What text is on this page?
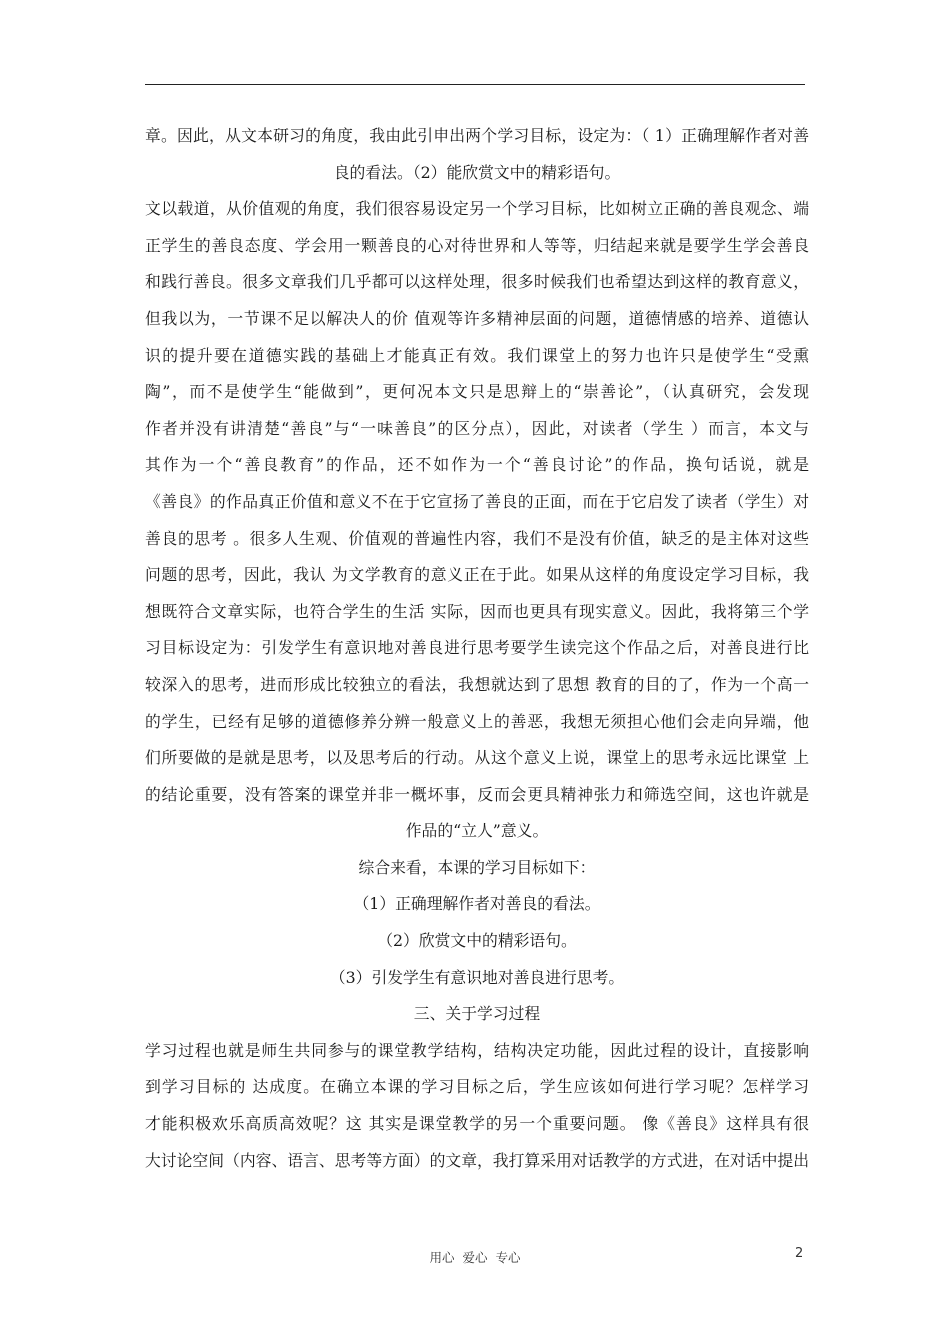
章。因此，从文本研习的角度，我由此引申出两个学习目标，设定为：（ 1）正确理解作者对善
良的看法。（2）能欣赏文中的精彩语句。
文以载道，从价值观的角度，我们很容易设定另一个学习目标，比如树立正确的善良观念、端
正学生的善良态度、学会用一颗善良的心对待世界和人等等，归结起来就是要学生学会善良
和践行善良。很多文章我们几乎都可以这样处理，很多时候我们也希望达到这样的教育意义，
但我以为，一节课不足以解决人的价 值观等许多精神层面的问题，道德情感的培养、道德认
识的提升要在道德实践的基础上才能真正有效。我们课堂上的努力也许只是使学生“受熏
陶”，而不是使学生“能做到”，更何况本文只是思辩上的“崇善论”，（认真研究，会发现
作者并没有讲清楚“善良”与“一味善良”的区分点），因此，对读者（学生 ）而言，本文与
其作为一个“善良教育”的作品，还不如作为一个“善良讨论”的作品，换句话说，就是
《善良》的作品真正价值和意义不在于它宣扬了善良的正面，而在于它启发了读者（学生）对
善良的思考 。很多人生观、价值观的普遍性内容，我们不是没有价值，缺乏的是主体对这些
问题的思考，因此，我认 为文学教育的意义正在于此。如果从这样的角度设定学习目标，我
想既符合文章实际，也符合学生的生活 实际，因而也更具有现实意义。因此，我将第三个学
习目标设定为：引发学生有意识地对善良进行思考要学生读完这个作品之后，对善良进行比
较深入的思考，进而形成比较独立的看法，我想就达到了思想 教育的目的了，作为一个高一
的学生，已经有足够的道德修养分辨一般意义上的善恶，我想无须担心他们会走向异端，他
们所要做的是就是思考，以及思考后的行动。从这个意义上说，课堂上的思考永远比课堂 上
的结论重要，没有答案的课堂并非一概坏事，反而会更具精神张力和筛选空间，这也许就是
作品的“立人”意义。
综合来看，本课的学习目标如下：
（1）正确理解作者对善良的看法。
（2）欣赏文中的精彩语句。
（3）引发学生有意识地对善良进行思考。
三、关于学习过程
学习过程也就是师生共同参与的课堂教学结构，结构决定功能，因此过程的设计，直接影响
到学习目标的 达成度。在确立本课的学习目标之后，学生应该如何进行学习呢？怎样学习
才能积极欢乐高质高效呢？这 其实是课堂教学的另一个重要问题。 像《善良》这样具有很
大讨论空间（内容、语言、思考等方面）的文章，我打算采用对话教学的方式进，在对话中提出
用心  爱心  专心	2
